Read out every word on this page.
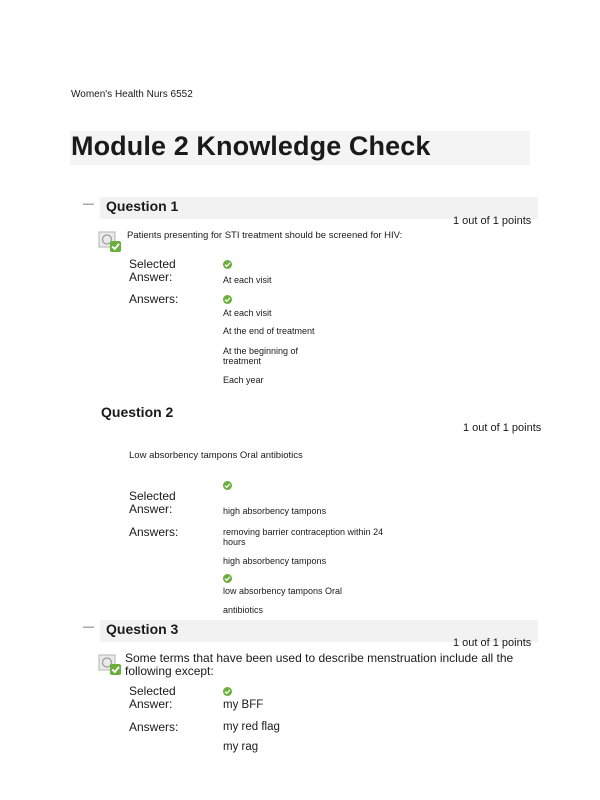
Women's Health Nurs 6552
Module 2 Knowledge Check
— Question 1
1 out of 1 points
Patients presenting for STI treatment should be screened for HIV:
Selected
Answer:	At each visit
Answers:
At each visit
At the end of treatment
At the beginning of treatment
Each year
Question 2
1 out of 1 points
Low absorbency tampons Oral antibiotics
Selected
Answer:	high absorbency tampons
Answers:	removing barrier contraception within 24 hours
high absorbency tampons
low absorbency tampons Oral
antibiotics
— Question 3
1 out of 1 points
Some terms that have been used to describe menstruation include all the following except:
Selected
Answer:	my BFF
Answers:	my red flag
my rag
